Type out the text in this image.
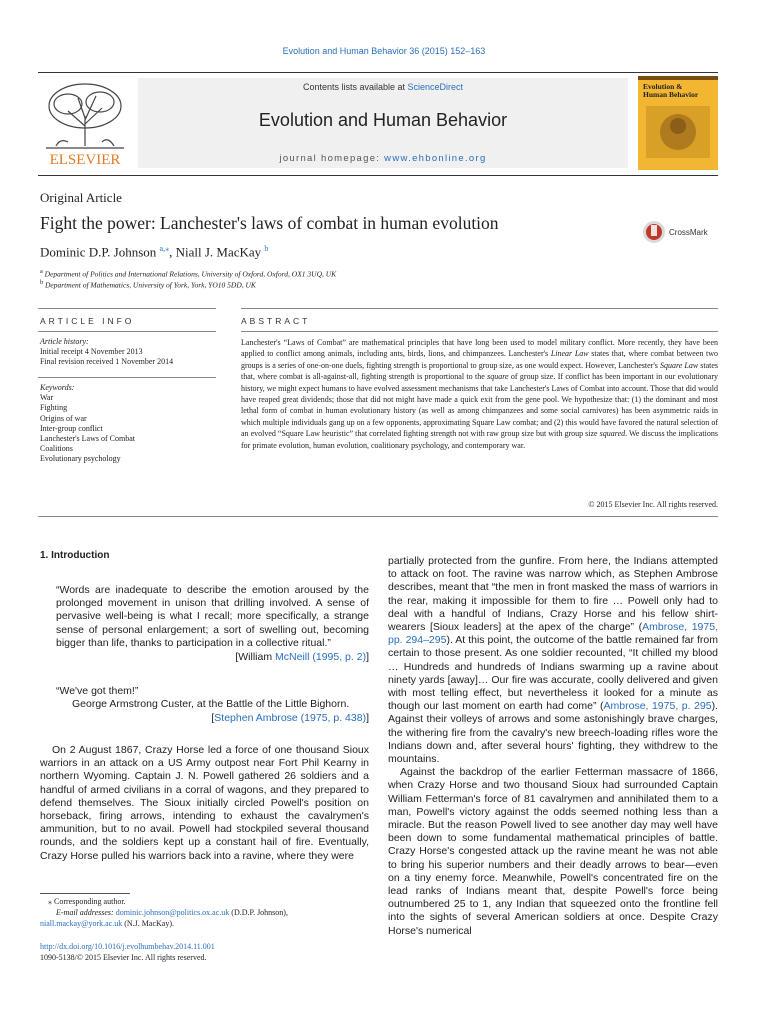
Evolution and Human Behavior 36 (2015) 152–163
ELSEVIER
Contents lists available at ScienceDirect
Evolution and Human Behavior
journal homepage: www.ehbonline.org
Evolution &
Human Behavior
Original Article
Fight the power: Lanchester's laws of combat in human evolution	CrossMark
Dominic D.P. Johnson $^{a,⁎}$, Niall J. MacKay $^b$
$^a$ Department of Politics and International Relations, University of Oxford, Oxford, OX1 3UQ, UK
$^b$ Department of Mathematics, University of York, York, YO10 5DD, UK
ARTICLE INFO	ABSTRACT
Article history:
Initial receipt 4 November 2013
Final revision received 1 November 2014
Keywords:
War
Fighting
Origins of war
Inter-group conflict
Lanchester's Laws of Combat
Coalitions
Evolutionary psychology
Lanchester's “Laws of Combat” are mathematical principles that have long been used to model military conflict. More recently, they have been applied to conflict among animals, including ants, birds, lions, and chimpanzees. Lanchester's Linear Law states that, where combat between two groups is a series of one-on-one duels, fighting strength is proportional to group size, as one would expect. However, Lanchester's Square Law states that, where combat is all-against-all, fighting strength is proportional to the square of group size. If conflict has been important in our evolutionary history, we might expect humans to have evolved assessment mechanisms that take Lanchester's Laws of Combat into account. Those that did would have reaped great dividends; those that did not might have made a quick exit from the gene pool. We hypothesize that: (1) the dominant and most lethal form of combat in human evolutionary history (as well as among chimpanzees and some social carnivores) has been asymmetric raids in which multiple individuals gang up on a few opponents, approximating Square Law combat; and (2) this would have favored the natural selection of an evolved “Square Law heuristic” that correlated fighting strength not with raw group size but with group size squared. We discuss the implications for primate evolution, human evolution, coalitionary psychology, and contemporary war.
© 2015 Elsevier Inc. All rights reserved.
1. Introduction
“Words are inadequate to describe the emotion aroused by the prolonged movement in unison that drilling involved. A sense of pervasive well-being is what I recall; more specifically, a strange sense of personal enlargement; a sort of swelling out, becoming bigger than life, thanks to participation in a collective ritual.”
[William McNeill (1995, p. 2)]
“We've got them!”
George Armstrong Custer, at the Battle of the Little Bighorn.
[Stephen Ambrose (1975, p. 438)]

On 2 August 1867, Crazy Horse led a force of one thousand Sioux warriors in an attack on a US Army outpost near Fort Phil Kearny in northern Wyoming. Captain J. N. Powell gathered 26 soldiers and a handful of armed civilians in a corral of wagons, and they prepared to defend themselves. The Sioux initially circled Powell's position on horseback, firing arrows, intending to exhaust the cavalrymen's ammunition, but to no avail. Powell had stockpiled several thousand rounds, and the soldiers kept up a constant hail of fire. Eventually, Crazy Horse pulled his warriors back into a ravine, where they were

partially protected from the gunfire. From here, the Indians attempted to attack on foot. The ravine was narrow which, as Stephen Ambrose describes, meant that “the men in front masked the mass of warriors in the rear, making it impossible for them to fire … Powell only had to deal with a handful of Indians, Crazy Horse and his fellow shirt-wearers [Sioux leaders] at the apex of the charge” (Ambrose, 1975, pp. 294–295). At this point, the outcome of the battle remained far from certain to those present. As one soldier recounted, “It chilled my blood … Hundreds and hundreds of Indians swarming up a ravine about ninety yards [away]… Our fire was accurate, coolly delivered and given with most telling effect, but nevertheless it looked for a minute as though our last moment on earth had come” (Ambrose, 1975, p. 295). Against their volleys of arrows and some astonishingly brave charges, the withering fire from the cavalry's new breech-loading rifles wore the Indians down and, after several hours' fighting, they withdrew to the mountains.

Against the backdrop of the earlier Fetterman massacre of 1866, when Crazy Horse and two thousand Sioux had surrounded Captain William Fetterman's force of 81 cavalrymen and annihilated them to a man, Powell's victory against the odds seemed nothing less than a miracle. But the reason Powell lived to see another day may well have been down to some fundamental mathematical principles of battle. Crazy Horse's congested attack up the ravine meant he was not able to bring his superior numbers and their deadly arrows to bear—even on a tiny enemy force. Meanwhile, Powell's concentrated fire on the lead ranks of Indians meant that, despite Powell's force being outnumbered 25 to 1, any Indian that squeezed onto the frontline fell into the sights of several American soldiers at once. Despite Crazy Horse's numerical

⁎ Corresponding author.
E-mail addresses: dominic.johnson@politics.ox.ac.uk (D.D.P. Johnson),
niall.mackay@york.ac.uk (N.J. MacKay).
http://dx.doi.org/10.1016/j.evolhumbehav.2014.11.001
1090-5138/© 2015 Elsevier Inc. All rights reserved.
